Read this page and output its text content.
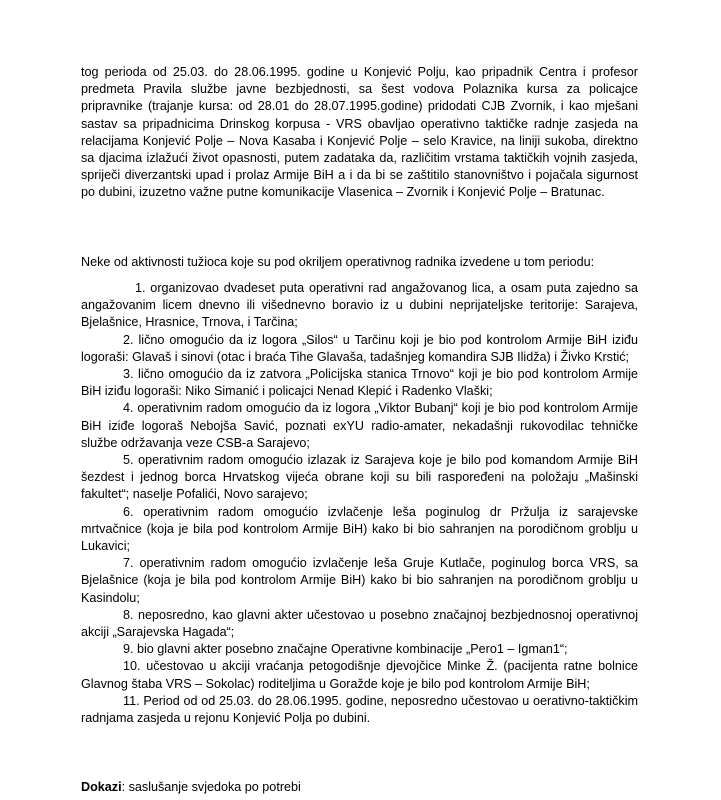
tog perioda od 25.03. do 28.06.1995. godine u Konjević Polju, kao pripadnik Centra i profesor predmeta Pravila službe javne bezbjednosti, sa šest vodova Polaznika kursa za policajce pripravnike (trajanje kursa: od 28.01 do 28.07.1995.godine) pridodati CJB Zvornik, i kao mješani sastav sa pripadnicima Drinskog korpusa - VRS obavljao operativno taktičke radnje zasjeda na relacijama Konjević Polje – Nova Kasaba i Konjević Polje – selo Kravice, na liniji sukoba, direktno sa djacima izlažući život opasnosti, putem zadataka da, različitim vrstama taktičkih vojnih zasjeda, spriječi diverzantski upad i prolaz Armije BiH a i da bi se zaštitilo stanovništvo i pojačala sigurnost po dubini, izuzetno važne putne komunikacije Vlasenica – Zvornik i Konjević Polje – Bratunac.

Neke od aktivnosti tužioca koje su pod okriljem operativnog radnika izvedene u tom periodu:

1. organizovao dvadeset puta operativni rad angažovanog lica, a osam puta zajedno sa angažovanim licem dnevno ili višednevno boravio iz u dubini neprijateljske teritorije: Sarajeva, Bjelašnice, Hrasnice, Trnova, i Tarčina;
2. lično omogućio da iz logora „Silos“ u Tarčinu koji je bio pod kontrolom Armije BiH iziđu logoraši: Glavaš i sinovi (otac i braća Tihe Glavaša, tadašnjeg komandira SJB Ilidža) i Živko Krstić;
3. lično omogućio da iz zatvora „Policijska stanica Trnovo“ koji je bio pod kontrolom Armije BiH iziđu logoraši: Niko Simanić i policajci Nenad Klepić i Radenko Vlaški;
4. operativnim radom omogućio da iz logora „Viktor Bubanj“ koji je bio pod kontrolom Armije BiH iziđe logoraš Nebojša Savić, poznati exYU radio-amater, nekadašnji rukovodilac tehničke službe održavanja veze CSB-a Sarajevo;
5. operativnim radom omogućio izlazak iz Sarajeva koje je bilo pod komandom Armije BiH šezdest i jednog borca Hrvatskog vijeća obrane koji su bili raspoređeni na položaju „Mašinski fakultet“; naselje Pofalići, Novo sarajevo;
6. operativnim radom omogućio izvlačenje leša poginulog dr Pržulja iz sarajevske mrtvačnice (koja je bila pod kontrolom Armije BiH) kako bi bio sahranjen na porodičnom groblju u Lukavici;
7. operativnim radom omogućio izvlačenje leša Gruje Kutlače, poginulog borca VRS, sa Bjelašnice (koja je bila pod kontrolom Armije BiH) kako bi bio sahranjen na porodičnom groblju u Kasindolu;
8. neposredno, kao glavni akter učestovao u posebno značajnoj bezbjednosnoj operativnoj akciji „Sarajevska Hagada“;
9. bio glavni akter posebno značajne Operativne kombinacije „Pero1 – Igman1“;
10. učestovao u akciji vraćanja petogodišnje djevojčice Minke Ž. (pacijenta ratne bolnice Glavnog štaba VRS – Sokolac) roditeljima u Goražde koje je bilo pod kontrolom Armije BiH;
11. Period od od 25.03. do 28.06.1995. godine, neposredno učestovao u oerativno-taktičkim radnjama zasjeda u rejonu Konjević Polja po dubini.

Dokazi: saslušanje svjedoka po potrebi
